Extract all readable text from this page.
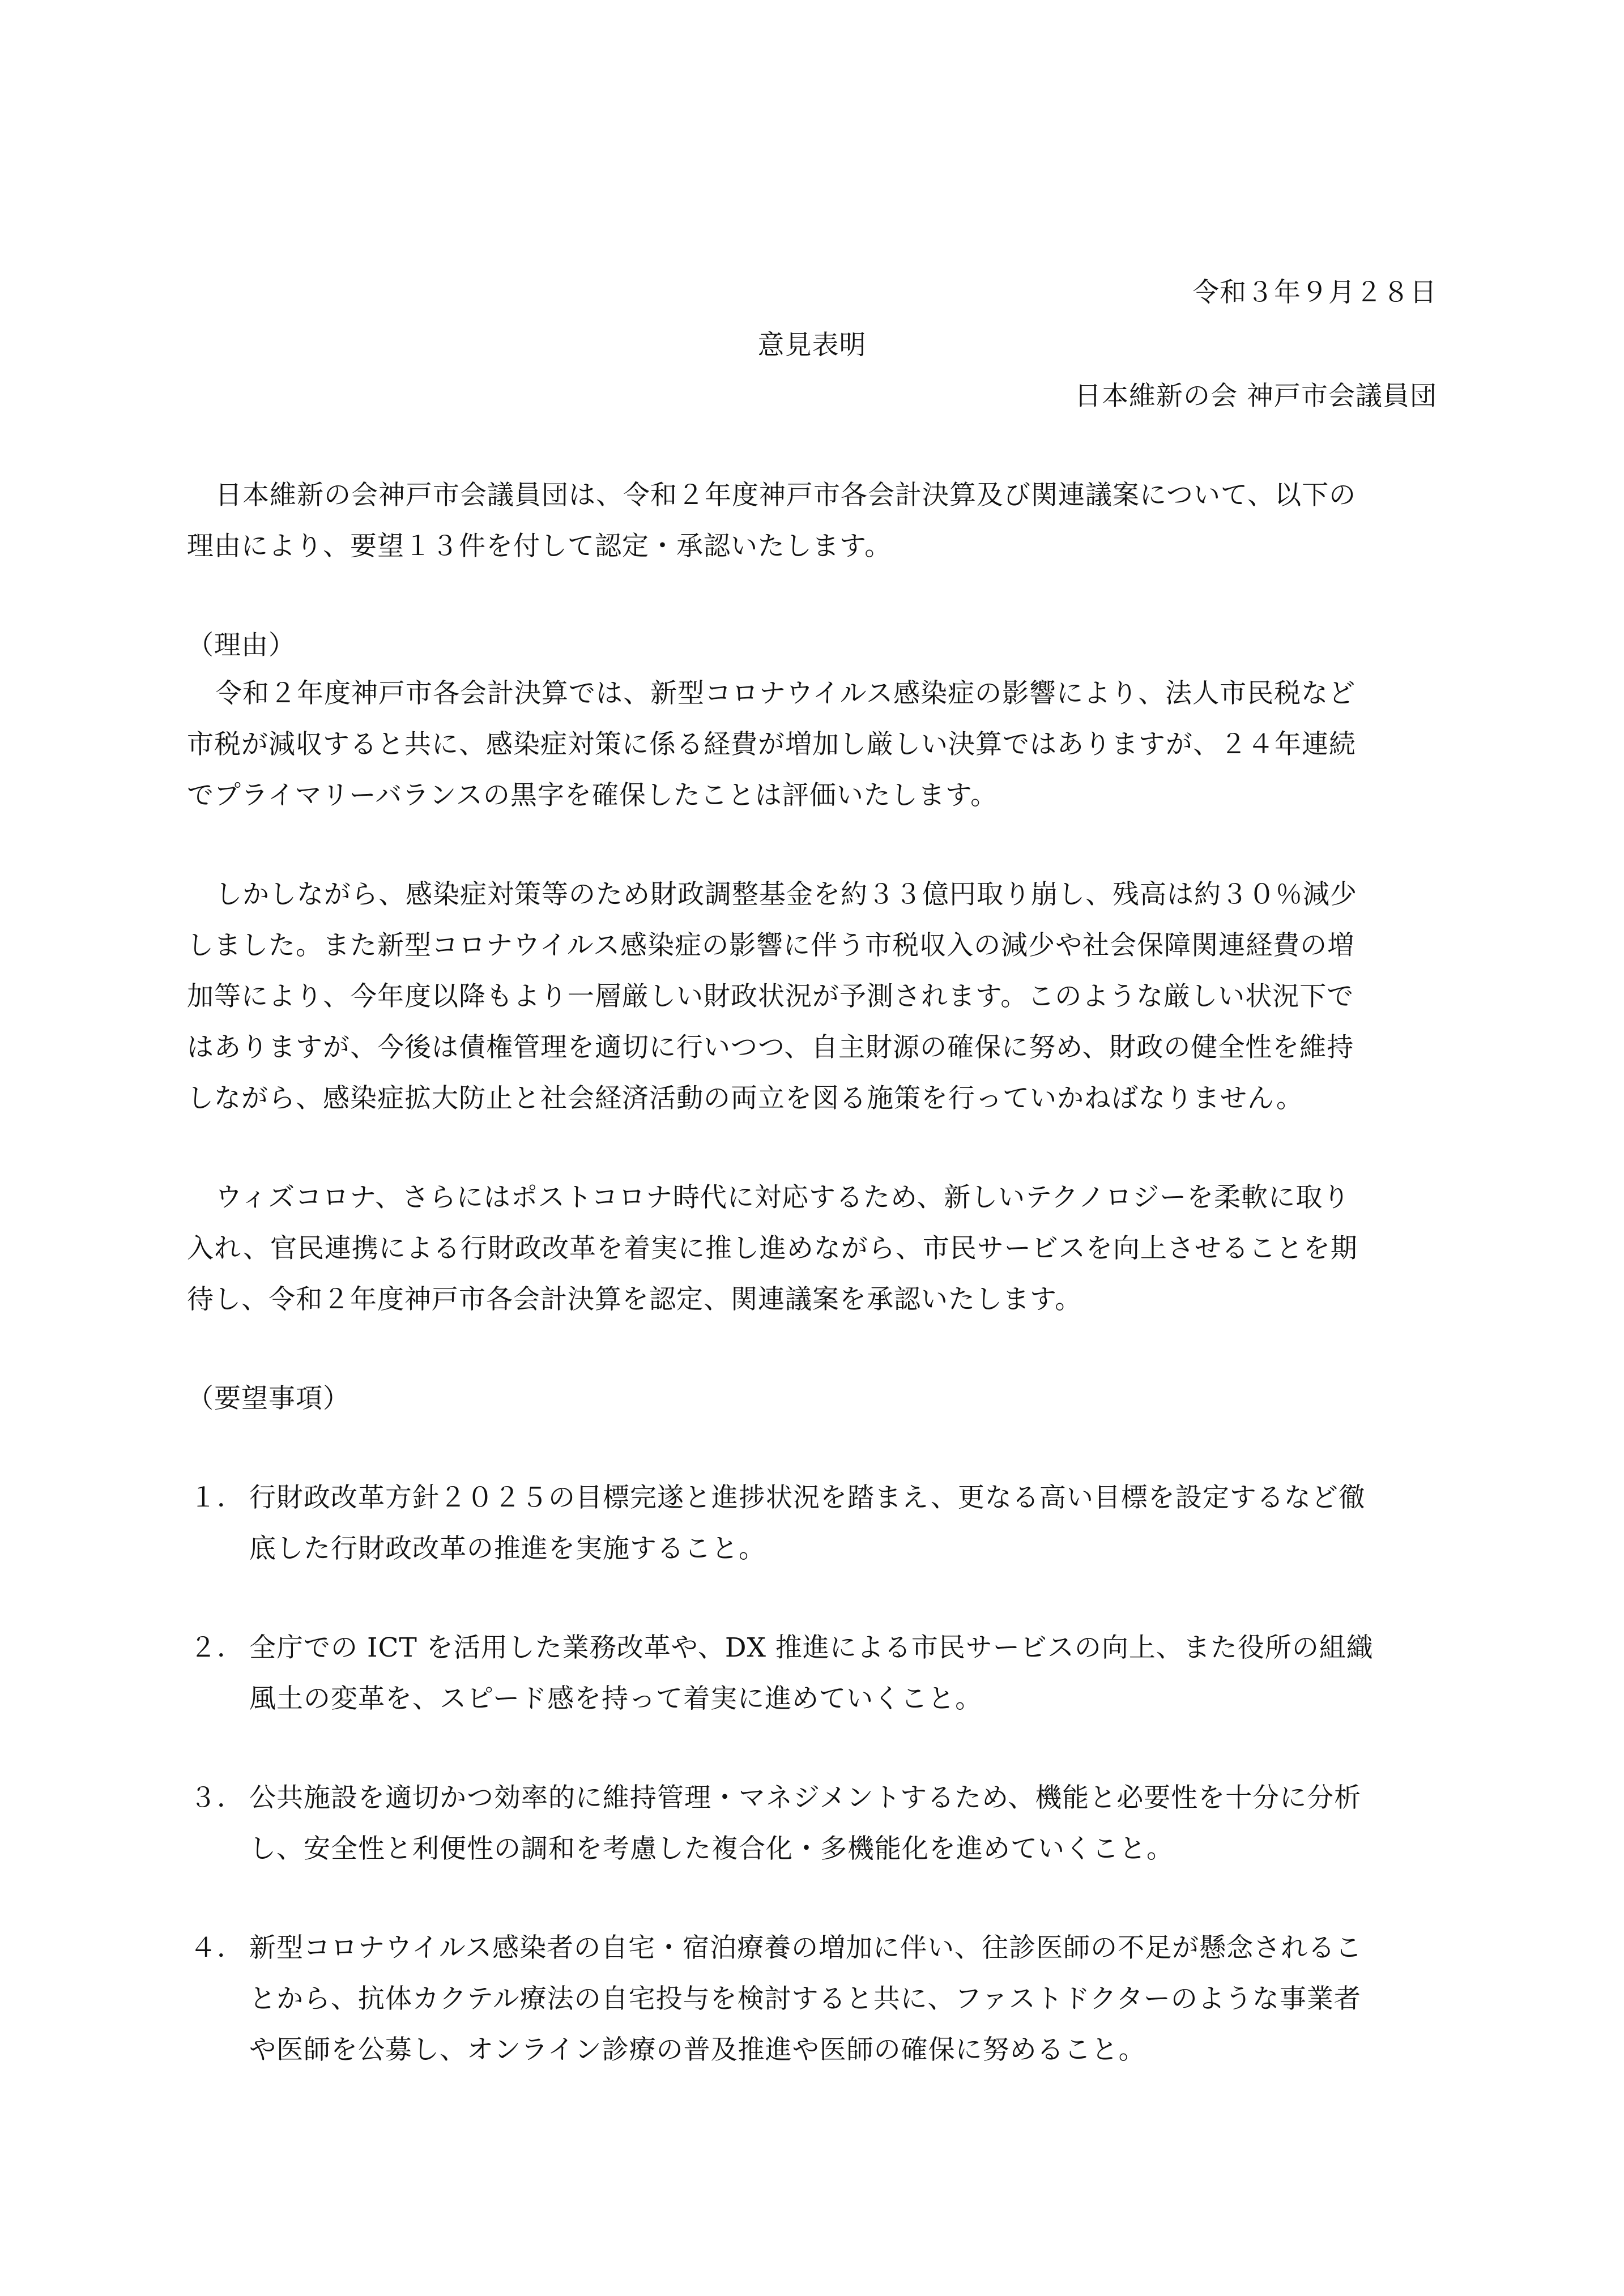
令和３年９月２８日
意見表明
日本維新の会 神戸市会議員団
日本維新の会神戸市会議員団は、令和２年度神戸市各会計決算及び関連議案について、以下の
理由により、要望１３件を付して認定・承認いたします。
（理由）
令和２年度神戸市各会計決算では、新型コロナウイルス感染症の影響により、法人市民税など
市税が減収すると共に、感染症対策に係る経費が増加し厳しい決算ではありますが、２４年連続
でプライマリーバランスの黒字を確保したことは評価いたします。
しかしながら、感染症対策等のため財政調整基金を約３３億円取り崩し、残高は約３０％減少
しました。また新型コロナウイルス感染症の影響に伴う市税収入の減少や社会保障関連経費の増
加等により、今年度以降もより一層厳しい財政状況が予測されます。このような厳しい状況下で
はありますが、今後は債権管理を適切に行いつつ、自主財源の確保に努め、財政の健全性を維持
しながら、感染症拡大防止と社会経済活動の両立を図る施策を行っていかねばなりません。
ウィズコロナ、さらにはポストコロナ時代に対応するため、新しいテクノロジーを柔軟に取り
入れ、官民連携による行財政改革を着実に推し進めながら、市民サービスを向上させることを期
待し、令和２年度神戸市各会計決算を認定、関連議案を承認いたします。
（要望事項）
１． 行財政改革方針２０２５の目標完遂と進捗状況を踏まえ、更なる高い目標を設定するなど徹
底した行財政改革の推進を実施すること。
２． 全庁での ICT を活用した業務改革や、DX 推進による市民サービスの向上、また役所の組織
風土の変革を、スピード感を持って着実に進めていくこと。
３． 公共施設を適切かつ効率的に維持管理・マネジメントするため、機能と必要性を十分に分析
し、安全性と利便性の調和を考慮した複合化・多機能化を進めていくこと。
４． 新型コロナウイルス感染者の自宅・宿泊療養の増加に伴い、往診医師の不足が懸念されるこ
とから、抗体カクテル療法の自宅投与を検討すると共に、ファストドクターのような事業者
や医師を公募し、オンライン診療の普及推進や医師の確保に努めること。
